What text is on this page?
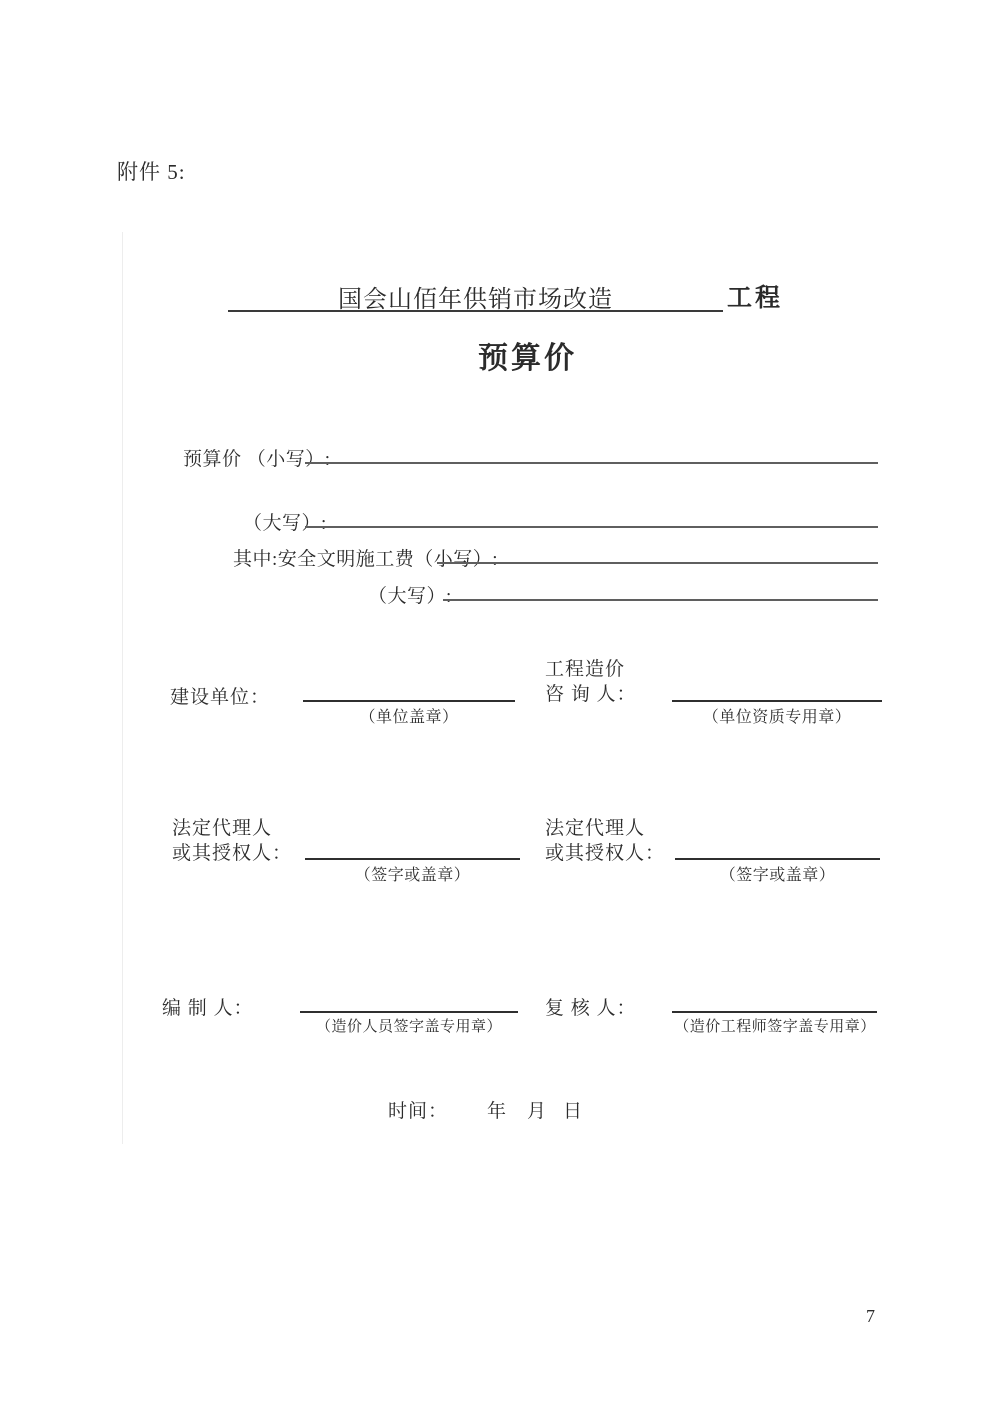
附件 5:
国会山佰年供销市场改造	工程
预算价
预算价 （小写）:
（大写）:
其中:安全文明施工费（小写）:
（大写）:
建设单位：
（单位盖章）
工程造价
咨 询 人：
（单位资质专用章）
法定代理人
或其授权人：
（签字或盖章）
法定代理人
或其授权人：
（签字或盖章）
编 制 人：
（造价人员签字盖专用章）
复 核 人：
（造价工程师签字盖专用章）
时间： 年 月 日
7
